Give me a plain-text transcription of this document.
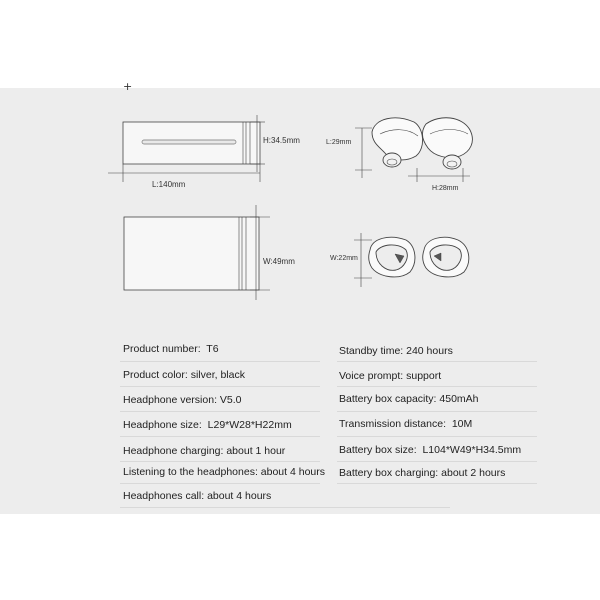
+
H:34.5mm
L:140mm
W:49mm
L:29mm
H:28mm
W:22mm
Product number: T6
Product color: silver, black
Headphone version: V5.0
Headphone size: L29*W28*H22mm
Headphone charging: about 1 hour
Listening to the headphones: about 4 hours
Headphones call: about 4 hours
Standby time: 240 hours
Voice prompt: support
Battery box capacity: 450mAh
Transmission distance: 10M
Battery box size: L104*W49*H34.5mm
Battery box charging: about 2 hours
